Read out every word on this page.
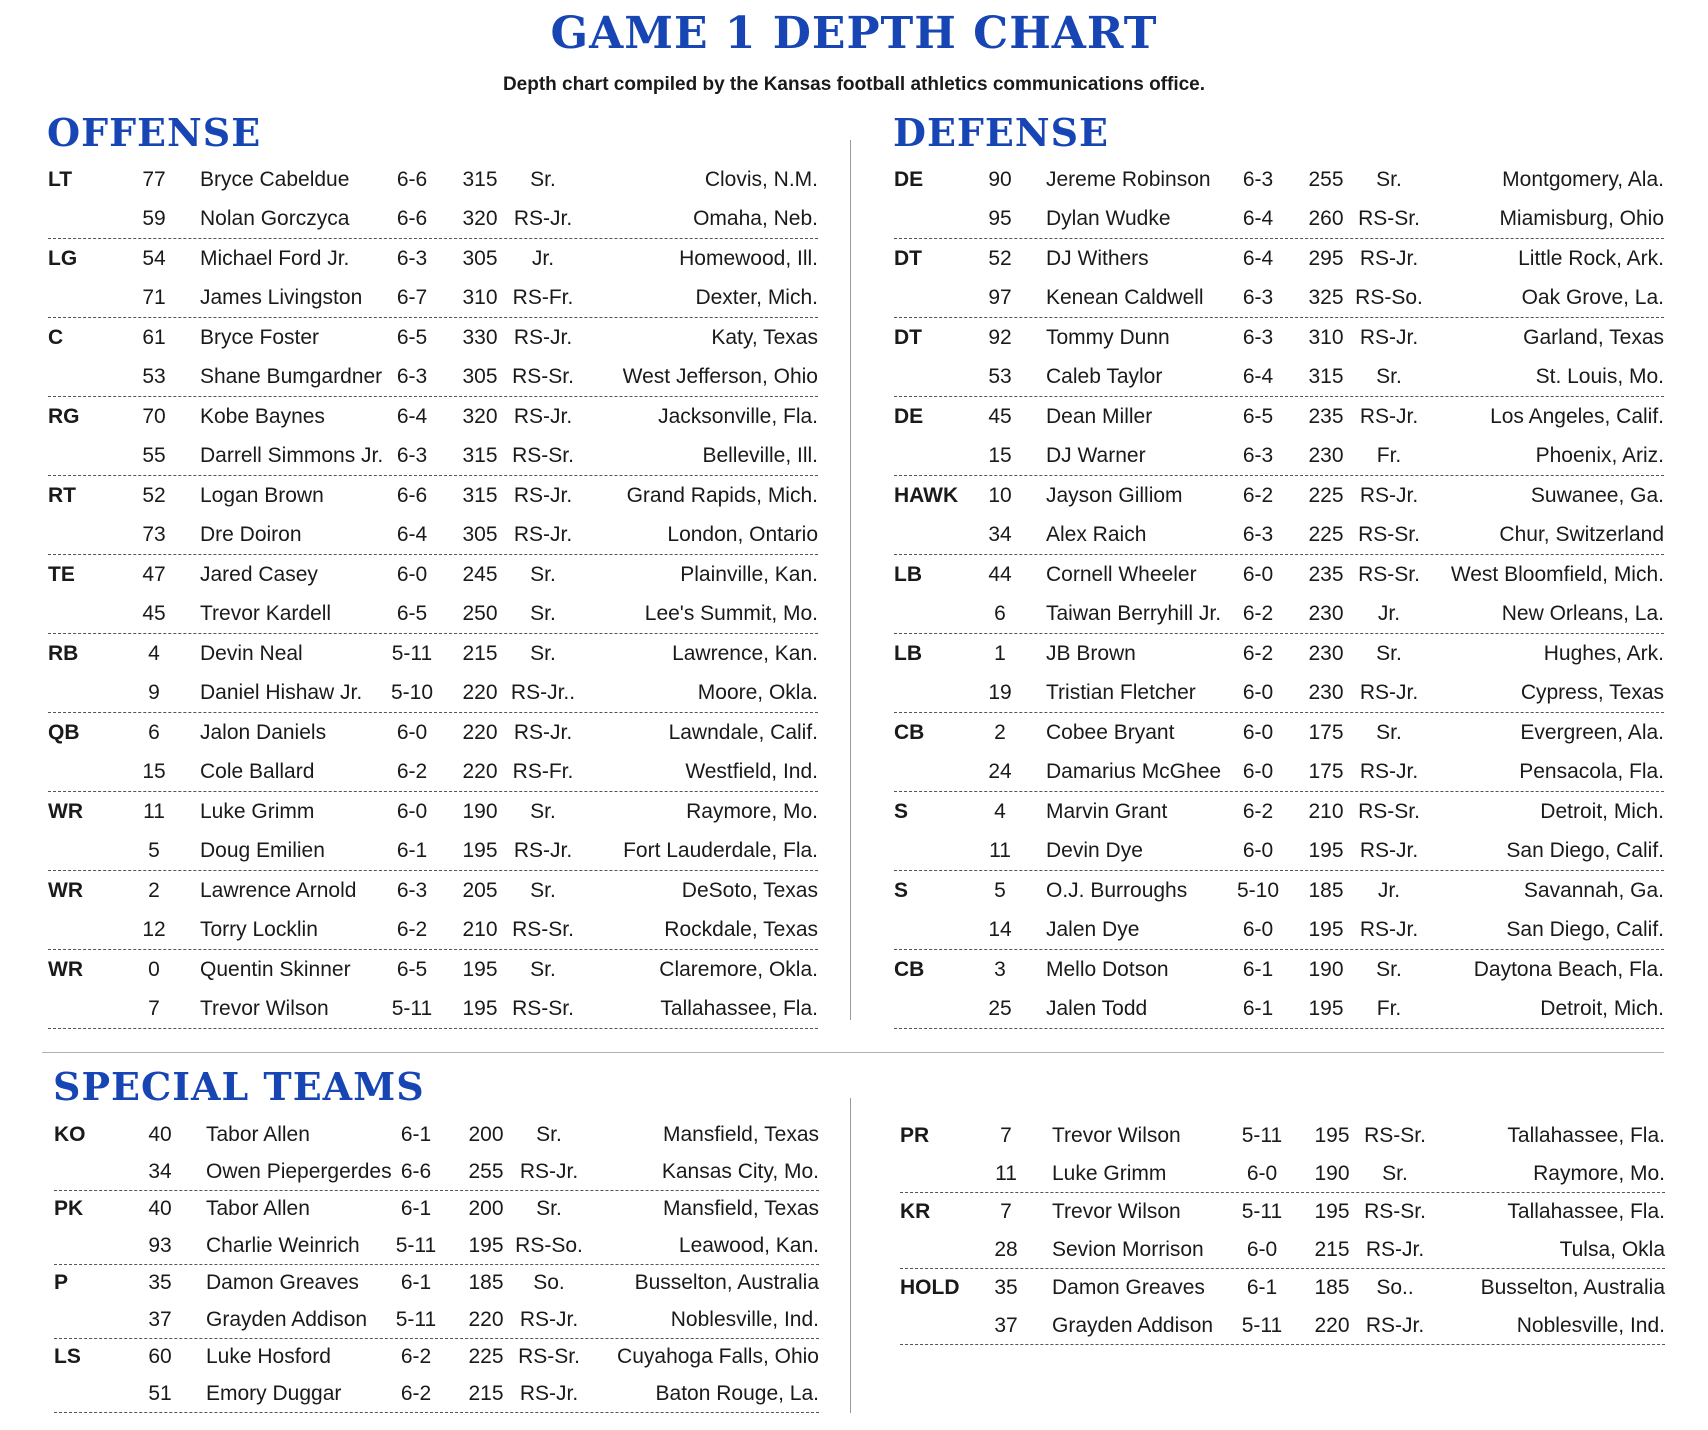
GAME 1 DEPTH CHART
Depth chart compiled by the Kansas football athletics communications office.
OFFENSE	DEFENSE
SPECIAL TEAMS
LT	77	Bryce Cabeldue	6-6	315	Sr.	Clovis, N.M.
59	Nolan Gorczyca	6-6	320 RS-Jr.	Omaha, Neb.
LG	54	Michael Ford Jr.	6-3	305	Jr.	Homewood, Ill.
71	James Livingston	6-7	310 RS-Fr.	Dexter, Mich.
C	61	Bryce Foster	6-5	330 RS-Jr.	Katy, Texas
53	Shane Bumgardner 6-3	305 RS-Sr.	West Jefferson, Ohio
RG	70	Kobe Baynes	6-4	320 RS-Jr.	Jacksonville, Fla.
55	Darrell Simmons Jr. 6-3	315 RS-Sr.	Belleville, Ill.
RT	52	Logan Brown	6-6	315 RS-Jr.	Grand Rapids, Mich.
73	Dre Doiron	6-4	305 RS-Jr.	London, Ontario
TE	47	Jared Casey	6-0	245	Sr.	Plainville, Kan.
45	Trevor Kardell	6-5	250	Sr.	Lee's Summit, Mo.
RB	4	Devin Neal	5-11	215	Sr.	Lawrence, Kan.
9	Daniel Hishaw Jr.	5-10	220 RS-Jr..	Moore, Okla.
QB	6	Jalon Daniels	6-0	220 RS-Jr.	Lawndale, Calif.
15	Cole Ballard	6-2	220 RS-Fr.	Westfield, Ind.
WR	11	Luke Grimm	6-0	190	Sr.	Raymore, Mo.
5	Doug Emilien	6-1	195 RS-Jr.	Fort Lauderdale, Fla.
WR	2	Lawrence Arnold	6-3	205	Sr.	DeSoto, Texas
12	Torry Locklin	6-2	210 RS-Sr.	Rockdale, Texas
WR	0	Quentin Skinner	6-5	195	Sr.	Claremore, Okla.
7	Trevor Wilson	5-11	195 RS-Sr.	Tallahassee, Fla.
DE	90	Jereme Robinson	6-3	255	Sr.	Montgomery, Ala.
95	Dylan Wudke	6-4	260 RS-Sr.	Miamisburg, Ohio
DT	52	DJ Withers	6-4	295 RS-Jr.	Little Rock, Ark.
97	Kenean Caldwell	6-3	325 RS-So.	Oak Grove, La.
DT	92	Tommy Dunn	6-3	310 RS-Jr.	Garland, Texas
53	Caleb Taylor	6-4	315	Sr.	St. Louis, Mo.
DE	45	Dean Miller	6-5	235 RS-Jr.	Los Angeles, Calif.
15	DJ Warner	6-3	230	Fr.	Phoenix, Ariz.
HAWK	10	Jayson Gilliom	6-2	225 RS-Jr.	Suwanee, Ga.
34	Alex Raich	6-3	225 RS-Sr.	Chur, Switzerland
LB	44	Cornell Wheeler	6-0	235 RS-Sr.	West Bloomfield, Mich.
6	Taiwan Berryhill Jr.	6-2	230	Jr.	New Orleans, La.
LB	1	JB Brown	6-2	230	Sr.	Hughes, Ark.
19	Tristian Fletcher	6-0	230 RS-Jr.	Cypress, Texas
CB	2	Cobee Bryant	6-0	175	Sr.	Evergreen, Ala.
24	Damarius McGhee	6-0	175 RS-Jr.	Pensacola, Fla.
S	4	Marvin Grant	6-2	210 RS-Sr.	Detroit, Mich.
11	Devin Dye	6-0	195 RS-Jr.	San Diego, Calif.
S	5	O.J. Burroughs	5-10	185	Jr.	Savannah, Ga.
14	Jalen Dye	6-0	195 RS-Jr.	San Diego, Calif.
CB	3	Mello Dotson	6-1	190	Sr.	Daytona Beach, Fla.
25	Jalen Todd	6-1	195	Fr.	Detroit, Mich.
KO	40	Tabor Allen	6-1	200	Sr.	Mansfield, Texas
34	Owen Piepergerdes 6-6	255 RS-Jr.	Kansas City, Mo.
PK	40	Tabor Allen	6-1	200	Sr.	Mansfield, Texas
93	Charlie Weinrich	5-11	195 RS-So.	Leawood, Kan.
P	35	Damon Greaves	6-1	185	So.	Busselton, Australia
37	Grayden Addison	5-11	220 RS-Jr.	Noblesville, Ind.
LS	60	Luke Hosford	6-2	225 RS-Sr.	Cuyahoga Falls, Ohio
51	Emory Duggar	6-2	215 RS-Jr.	Baton Rouge, La.
PR	7	Trevor Wilson	5-11	195 RS-Sr.	Tallahassee, Fla.
11	Luke Grimm	6-0	190	Sr.	Raymore, Mo.
KR	7	Trevor Wilson	5-11	195 RS-Sr.	Tallahassee, Fla.
28	Sevion Morrison	6-0	215 RS-Jr.	Tulsa, Okla
HOLD	35	Damon Greaves	6-1	185	So..	Busselton, Australia
37	Grayden Addison	5-11	220 RS-Jr.	Noblesville, Ind.
